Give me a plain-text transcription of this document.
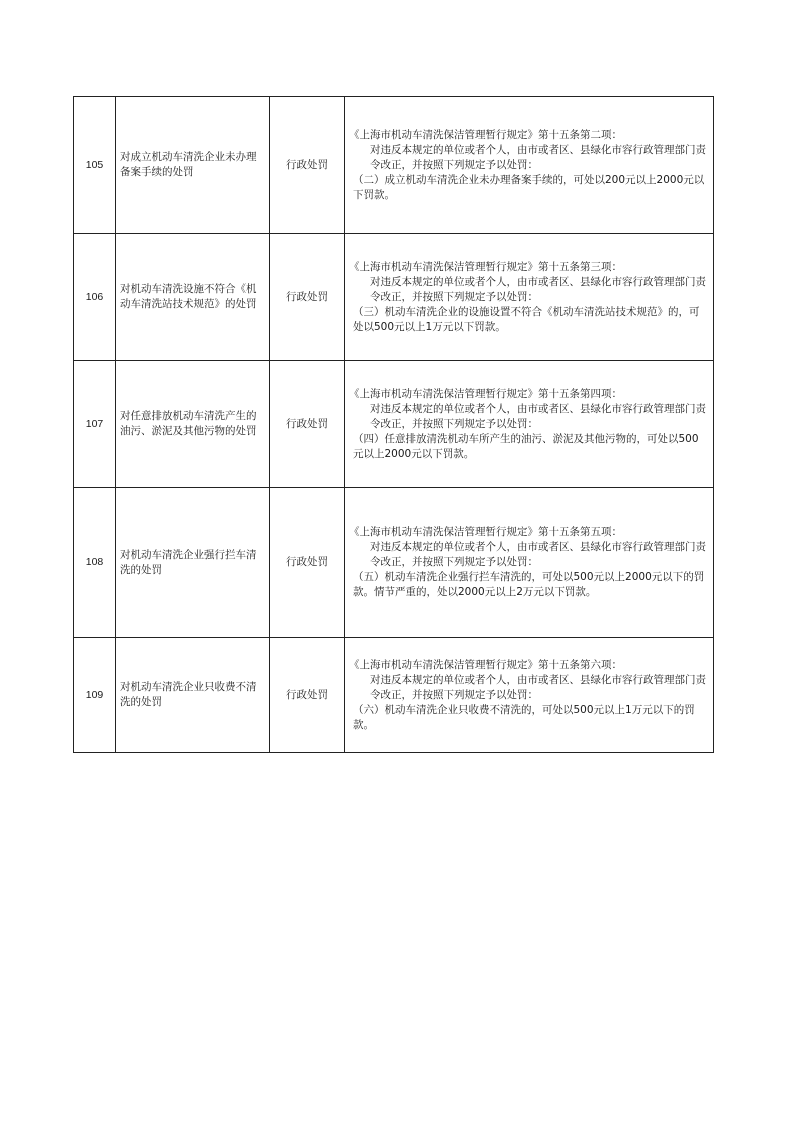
105	对成立机动车清洗企业未办理备案手续的处罚	行政处罚	《上海市机动车清洗保洁管理暂行规定》第十五条第二项：
对违反本规定的单位或者个人，由市或者区、县绿化市容行政管理部门责令改正，并按照下列规定予以处罚：
（二）成立机动车清洗企业未办理备案手续的，可处以200元以上2000元以下罚款。

106	对机动车清洗设施不符合《机动车清洗站技术规范》的处罚	行政处罚	《上海市机动车清洗保洁管理暂行规定》第十五条第三项：
对违反本规定的单位或者个人，由市或者区、县绿化市容行政管理部门责令改正，并按照下列规定予以处罚：
（三）机动车清洗企业的设施设置不符合《机动车清洗站技术规范》的，可处以500元以上1万元以下罚款。

107	对任意排放机动车清洗产生的油污、淤泥及其他污物的处罚	行政处罚	《上海市机动车清洗保洁管理暂行规定》第十五条第四项：
对违反本规定的单位或者个人，由市或者区、县绿化市容行政管理部门责令改正，并按照下列规定予以处罚：
（四）任意排放清洗机动车所产生的油污、淤泥及其他污物的，可处以500元以上2000元以下罚款。

108	对机动车清洗企业强行拦车清洗的处罚	行政处罚	《上海市机动车清洗保洁管理暂行规定》第十五条第五项：
对违反本规定的单位或者个人，由市或者区、县绿化市容行政管理部门责令改正，并按照下列规定予以处罚：
（五）机动车清洗企业强行拦车清洗的，可处以500元以上2000元以下的罚款。情节严重的，处以2000元以上2万元以下罚款。

109	对机动车清洗企业只收费不清洗的处罚	行政处罚	《上海市机动车清洗保洁管理暂行规定》第十五条第六项：
对违反本规定的单位或者个人，由市或者区、县绿化市容行政管理部门责令改正，并按照下列规定予以处罚：
（六）机动车清洗企业只收费不清洗的，可处以500元以上1万元以下的罚款。
